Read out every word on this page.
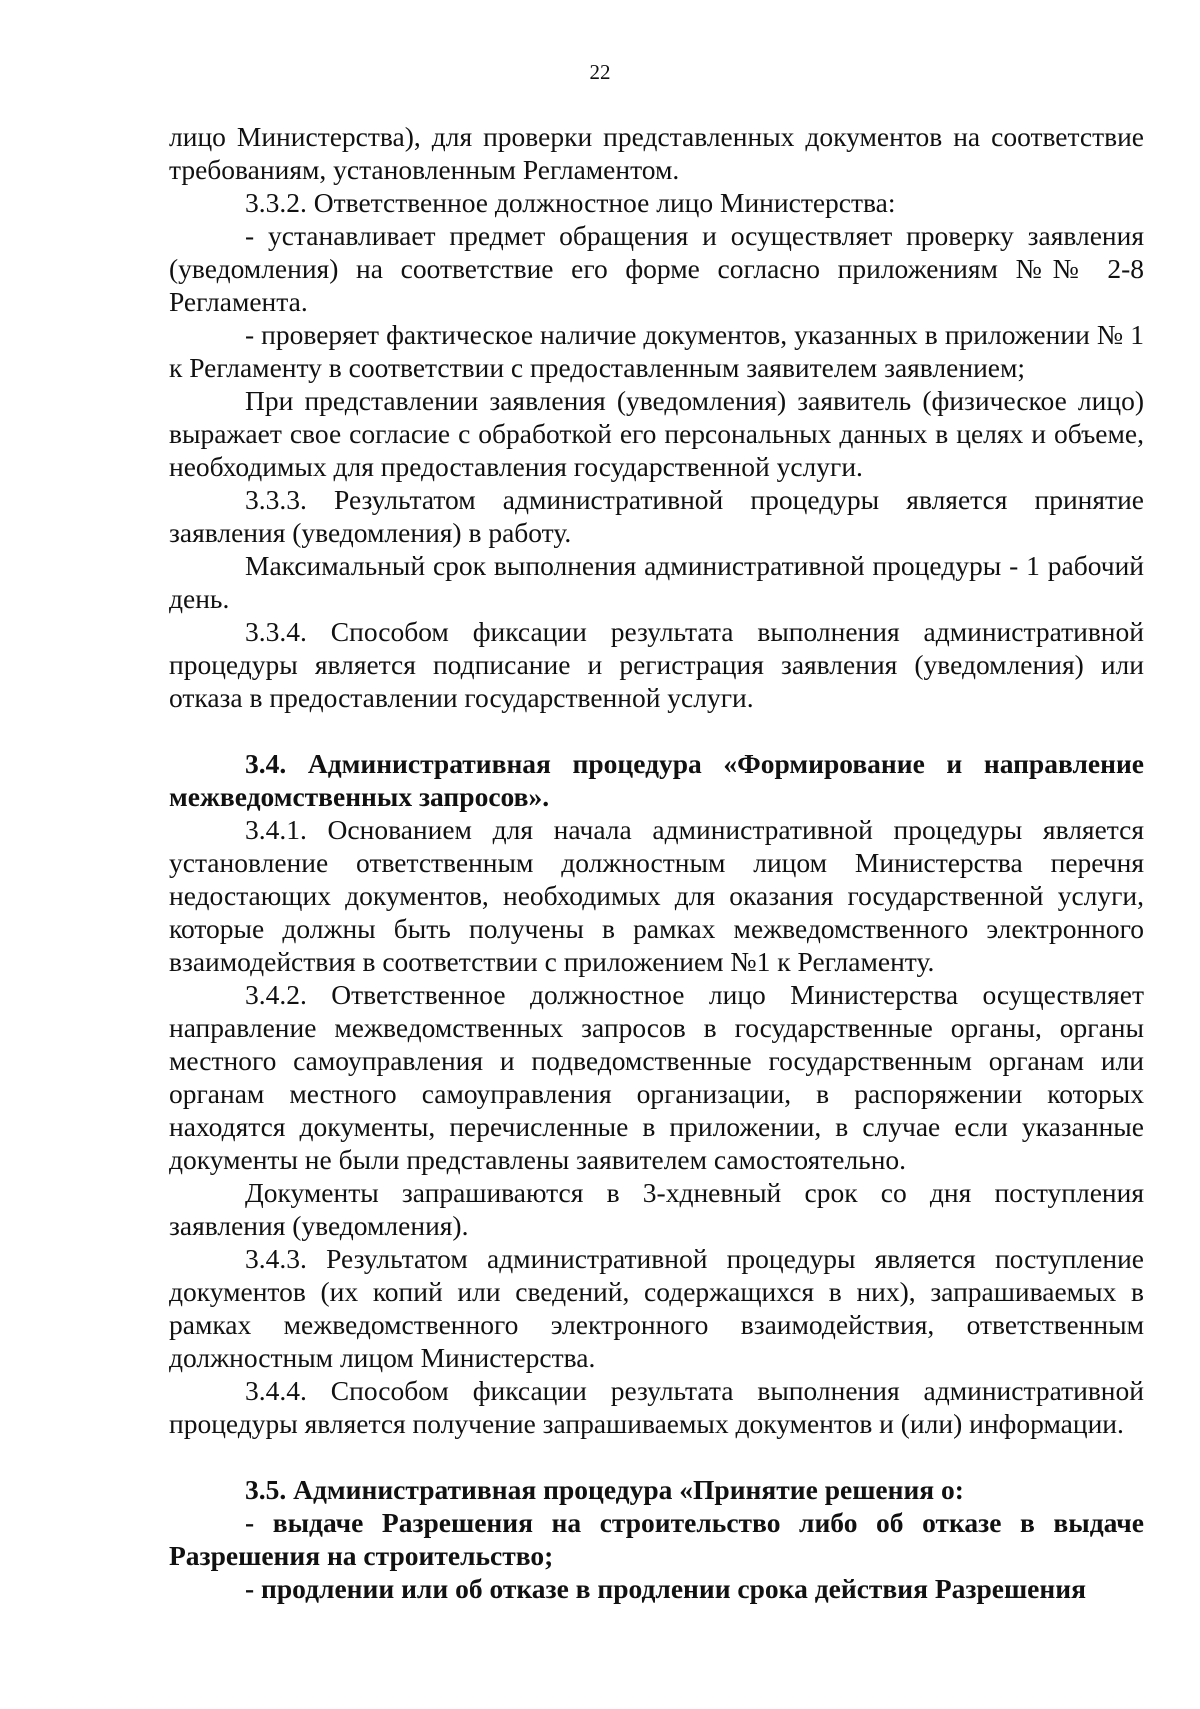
22

лицо Министерства), для проверки представленных документов на соответствие требованиям, установленным Регламентом.

3.3.2. Ответственное должностное лицо Министерства:

- устанавливает предмет обращения и осуществляет проверку заявления (уведомления) на соответствие его форме согласно приложениям №№ 2-8 Регламента.

- проверяет фактическое наличие документов, указанных в приложении № 1 к Регламенту в соответствии с предоставленным заявителем заявлением;

При представлении заявления (уведомления) заявитель (физическое лицо) выражает свое согласие с обработкой его персональных данных в целях и объеме, необходимых для предоставления государственной услуги.

3.3.3. Результатом административной процедуры является принятие заявления (уведомления) в работу.

Максимальный срок выполнения административной процедуры - 1 рабочий день.

3.3.4. Способом фиксации результата выполнения административной процедуры является подписание и регистрация заявления (уведомления) или отказа в предоставлении государственной услуги.

3.4. Административная процедура «Формирование и направление межведомственных запросов».

3.4.1. Основанием для начала административной процедуры является установление ответственным должностным лицом Министерства перечня недостающих документов, необходимых для оказания государственной услуги, которые должны быть получены в рамках межведомственного электронного взаимодействия в соответствии с приложением №1 к Регламенту.

3.4.2. Ответственное должностное лицо Министерства осуществляет направление межведомственных запросов в государственные органы, органы местного самоуправления и подведомственные государственным органам или органам местного самоуправления организации, в распоряжении которых находятся документы, перечисленные в приложении, в случае если указанные документы не были представлены заявителем самостоятельно.

Документы запрашиваются в 3-хдневный срок со дня поступления заявления (уведомления).

3.4.3. Результатом административной процедуры является поступление документов (их копий или сведений, содержащихся в них), запрашиваемых в рамках межведомственного электронного взаимодействия, ответственным должностным лицом Министерства.

3.4.4. Способом фиксации результата выполнения административной процедуры является получение запрашиваемых документов и (или) информации.

3.5. Административная процедура «Принятие решения о:

- выдаче Разрешения на строительство либо об отказе в выдаче Разрешения на строительство;

- продлении или об отказе в продлении срока действия Разрешения
